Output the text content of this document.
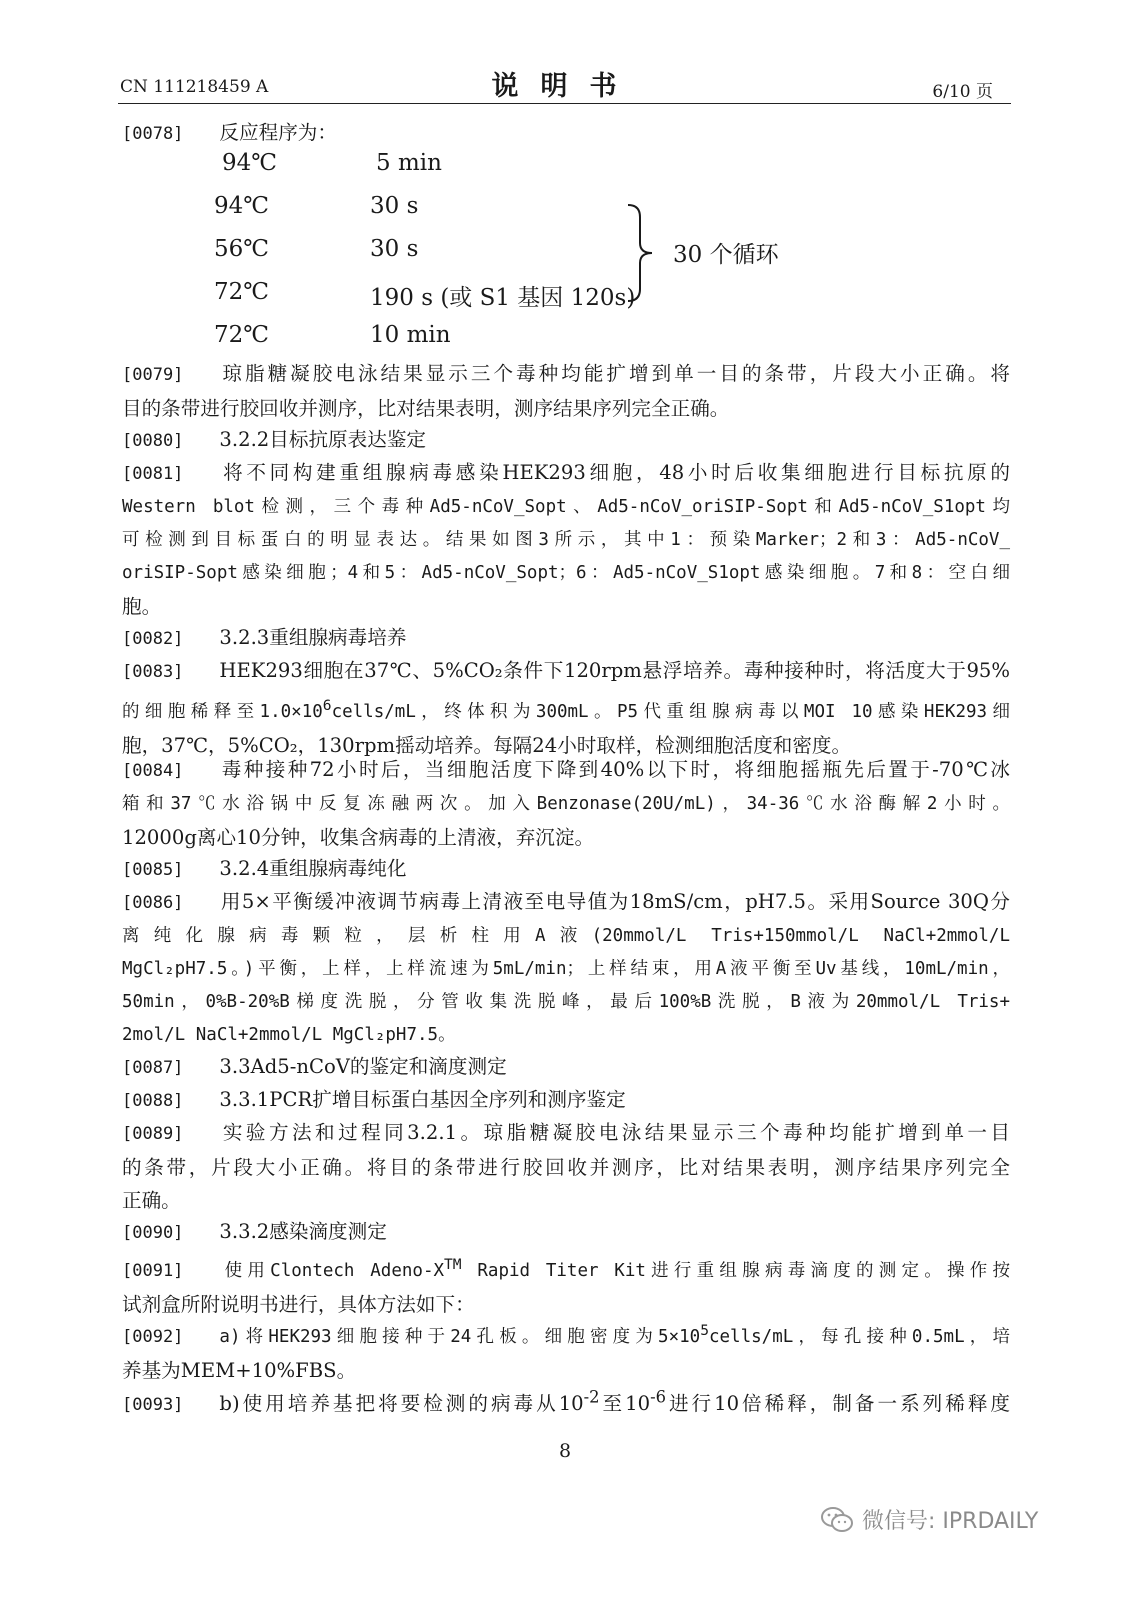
CN 111218459 A	说明书	6/10 页
[0078] 反应程序为：
94℃	5 min
94℃	30 s
56℃	30 s
72℃	190 s (或 S1 基因 120s)
72℃	10 min
30 个循环
[0079] 琼脂糖凝胶电泳结果显示三个毒种均能扩增到单一目的条带，片段大小正确。将
目的条带进行胶回收并测序，比对结果表明，测序结果序列完全正确。
[0080] 3.2.2目标抗原表达鉴定
[0081] 将不同构建重组腺病毒感染HEK293细胞，48小时后收集细胞进行目标抗原的
Western blot检测，三个毒种Ad5-nCoV_Sopt、Ad5-nCoV_oriSIP-Sopt和Ad5-nCoV_S1opt均
可检测到目标蛋白的明显表达。结果如图3所示，其中1：预染Marker；2和3：Ad5-nCoV_
oriSIP-Sopt感染细胞；4和5：Ad5-nCoV_Sopt；6：Ad5-nCoV_S1opt感染细胞。7和8：空白细
胞。
[0082] 3.2.3重组腺病毒培养
[0083] HEK293细胞在37℃、5%CO₂条件下120rpm悬浮培养。毒种接种时，将活度大于95%
的细胞稀释至$1.0\times 10^6cells/mL$，终体积为300mL。P5代重组腺病毒以MOI 10感染HEK293细
胞，37℃，5%CO₂，130rpm摇动培养。每隔24小时取样，检测细胞活度和密度。
[0084] 毒种接种72小时后，当细胞活度下降到40%以下时，将细胞摇瓶先后置于-70℃冰
箱和37℃水浴锅中反复冻融两次。加入Benzonase(20U/mL)，34-36℃水浴酶解2小时。
12000g离心10分钟，收集含病毒的上清液，弃沉淀。
[0085] 3.2.4重组腺病毒纯化
[0086] 用5×平衡缓冲液调节病毒上清液至电导值为18mS/cm，pH7.5。采用Source 30Q分
离纯化腺病毒颗粒，层析柱用A液(20mmol/L Tris+150mmol/L NaCl+2mmol/L
MgCl₂pH7.5。)平衡，上样，上样流速为5mL/min；上样结束，用A液平衡至Uv基线，10mL/min，
50min，0%B-20%B梯度洗脱，分管收集洗脱峰，最后100%B洗脱，B液为20mmol/L Tris+
2mol/L NaCl+2mmol/L MgCl₂pH7.5。
[0087] 3.3Ad5-nCoV的鉴定和滴度测定
[0088] 3.3.1PCR扩增目标蛋白基因全序列和测序鉴定
[0089] 实验方法和过程同3.2.1。琼脂糖凝胶电泳结果显示三个毒种均能扩增到单一目
的条带，片段大小正确。将目的条带进行胶回收并测序，比对结果表明，测序结果序列完全
正确。
[0090] 3.3.2感染滴度测定
[0091] 使用Clontech Adeno-X™ Rapid Titer Kit进行重组腺病毒滴度的测定。操作按
试剂盒所附说明书进行，具体方法如下：
[0092] a)将HEK293细胞接种于24孔板。细胞密度为$5\times 10^5cells/mL$，每孔接种0.5mL，培
养基为MEM+10%FBS。
[0093] b)使用培养基把将要检测的病毒从$10^{-2}$至$10^{-6}$进行10倍稀释，制备一系列稀释度
8
微信号: IPRDAILY
